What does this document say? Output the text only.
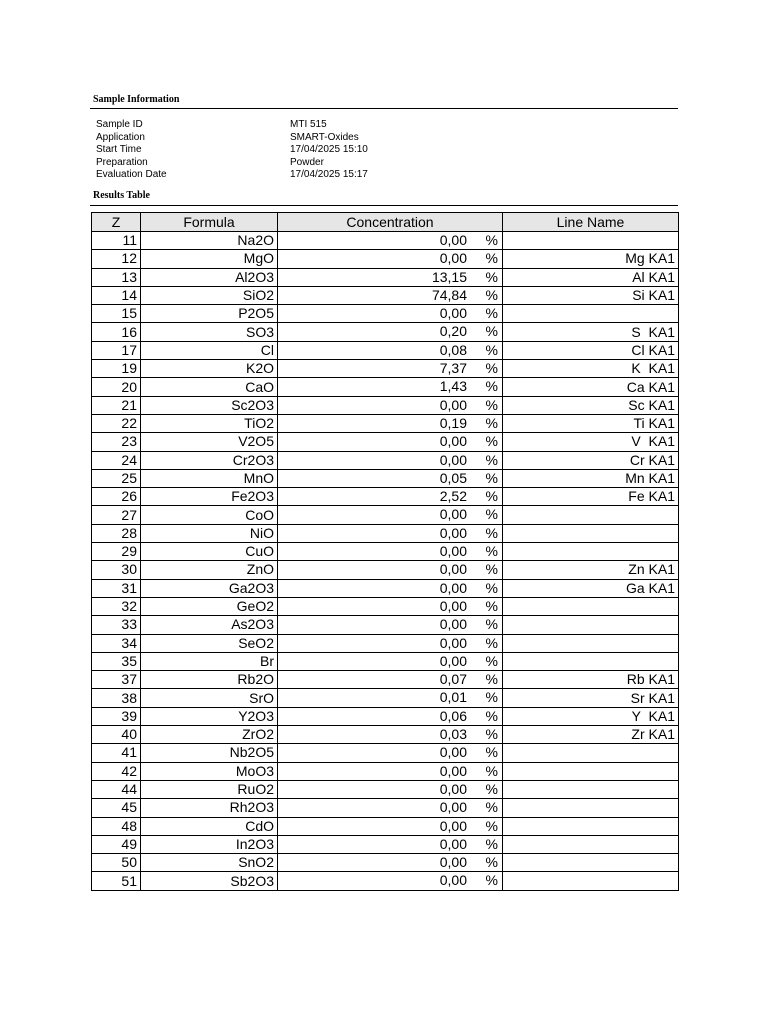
Sample Information
Sample ID	MTI 515
Application	SMART-Oxides
Start Time	17/04/2025 15:10
Preparation	Powder
Evaluation Date	17/04/2025 15:17
Results Table
Z	Formula	Concentration	Line Name
11	Na2O	0,00 %	

12	MgO	0,00 %	Mg KA1
13	Al2O3	13,15 %	Al KA1
14	SiO2	74,84 %	Si KA1
15	P2O5	0,00 %	

16	SO3	0,20 %	S  KA1
17	Cl	0,08 %	Cl KA1
19	K2O	7,37 %	K  KA1
20	CaO	1,43 %	Ca KA1
21	Sc2O3	0,00 %	Sc KA1
22	TiO2	0,19 %	Ti KA1
23	V2O5	0,00 %	V  KA1
24	Cr2O3	0,00 %	Cr KA1
25	MnO	0,05 %	Mn KA1
26	Fe2O3	2,52 %	Fe KA1
27	CoO	0,00 %	

28	NiO	0,00 %	

29	CuO	0,00 %	

30	ZnO	0,00 %	Zn KA1
31	Ga2O3	0,00 %	Ga KA1
32	GeO2	0,00 %	

33	As2O3	0,00 %	

34	SeO2	0,00 %	

35	Br	0,00 %	

37	Rb2O	0,07 %	Rb KA1
38	SrO	0,01 %	Sr KA1
39	Y2O3	0,06 %	Y  KA1
40	ZrO2	0,03 %	Zr KA1
41	Nb2O5	0,00 %	

42	MoO3	0,00 %	

44	RuO2	0,00 %	

45	Rh2O3	0,00 %	

48	CdO	0,00 %	

49	In2O3	0,00 %	

50	SnO2	0,00 %	

51	Sb2O3	0,00 %	
